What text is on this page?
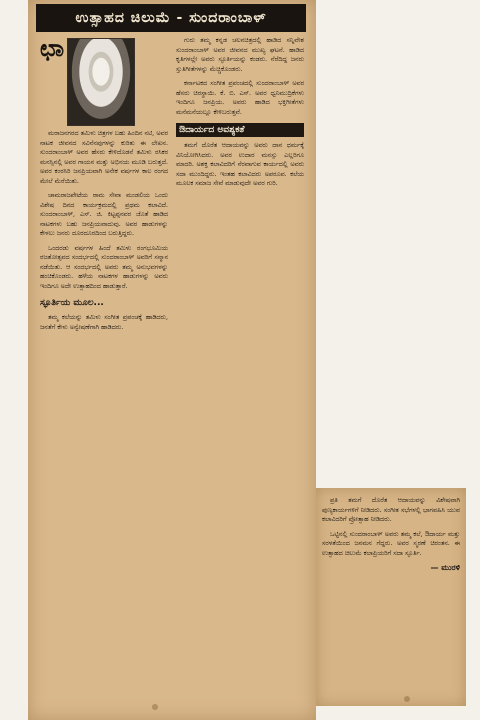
ಉತ್ಸಾಹದ ಚಿಲುಮೆ - ಸುಂದರಾಂಬಾಳ್
ಛಾ

ಮರಾಜನಗರದ ತಮಿಳು ಚಿತ್ರಗಳ ಬಹು ಹಿಂದಿನ ನಟಿ, ಅವರ ನಾಟಕ ಜೀವನದ ಸವಿನೆನಪುಗಳನ್ನು ಕುರಿತು ಈ ಲೇಖನ. ಸುಂದರಾಂಬಾಳ್ ಅವರ ಹೆಸರು ಕೇಳಿದೊಡನೆ ತಮಿಳು ರಸಿಕರ ಮನಸ್ಸಿನಲ್ಲಿ ಅವರ ಗಾಯನ ಮತ್ತು ಅಭಿನಯ ಮೂಡಿ ಬರುತ್ತದೆ. ಅವರ ಕಂಠಸಿರಿ ಜನಪ್ರಿಯವಾಗಿ ಅನೇಕ ವರ್ಷಗಳ ಕಾಲ ರಂಗದ ಮೇಲೆ ಮೆರೆಯಿತು.

ಚಾಮರಾಜಪೇಟೆಯ ರಾಮ ಸೇವಾ ಮಂಡಲಿಯ ಒಂದು ವಿಶೇಷ ದಿನದ ಕಾರ್ಯಕ್ರಮದಲ್ಲಿ ಪ್ರಥಮ ಕಲಾವಿದೆ. ಸುಂದರಾಂಬಾಳ್, ಎಸ್. ಜಿ. ಕಿಟ್ಟಪ್ಪನವರ ಜೊತೆ ಹಾಡಿದ ನಾಟಕಗಳು ಬಹು ಜನಪ್ರಿಯವಾದುವು. ಅವರ ಹಾಡುಗಳನ್ನು ಕೇಳಲು ಜನರು ದೂರದೂರದಿಂದ ಬರುತ್ತಿದ್ದರು.

ಒಂದರಡು ವರ್ಷಗಳ ಹಿಂದೆ ತಮಿಳು ರಂಗಭೂಮಿಯ ರಜತೋತ್ಸವದ ಸಂದರ್ಭದಲ್ಲಿ ಸುಂದರಾಂಬಾಳ್ ಅವರಿಗೆ ಸನ್ಮಾನ ನಡೆಯಿತು. ಆ ಸಂದರ್ಭದಲ್ಲಿ ಅವರು ತಮ್ಮ ಅನುಭವಗಳನ್ನು ಹಂಚಿಕೊಂಡರು. ಹಳೆಯ ನಾಟಕಗಳ ಹಾಡುಗಳನ್ನು ಅವರು ಇಂದಿಗೂ ಅದೇ ಉತ್ಸಾಹದಿಂದ ಹಾಡುತ್ತಾರೆ.

ಸ್ಫೂರ್ತಿಯ ಮೂಲ...

ತಮ್ಮ ಕಲೆಯನ್ನು ತಮಿಳು ಸಂಗೀತ ಪ್ರಪಂಚಕ್ಕೆ ಹಾಡಿದರು, ಜನತೆಗೆ ಕೇಳು ಅನ್ವೇಷಣೆಗಾಗಿ ಹಾಡಿದರು.

ಗುರು ತಮ್ಮ ಕನ್ನಡ ಚಲನಚಿತ್ರದಲ್ಲಿ ಹಾಡಿದ ಸನ್ನಿವೇಶ ಸುಂದರಾಂಬಾಳ್ ಅವರ ಜೀವನದ ಮುಖ್ಯ ಘಟನೆ. ಹಾಡಿದ ಕೃತಿಗಳಲ್ಲೇ ಅವರು ಸ್ಫೂರ್ತಿಯನ್ನು ಕಂಡರು. ನೆರೆದಿದ್ದ ಜನರು ಸ್ತುತಿಗೀತೆಗಳನ್ನು ಮೆಚ್ಚಿಕೊಂಡರು.

ಕರ್ನಾಟಕದ ಸಂಗೀತ ಪ್ರಪಂಚದಲ್ಲಿ ಸುಂದರಾಂಬಾಳ್ ಅವರ ಹೆಸರು ಚಿರಸ್ಥಾಯಿ. ಕೆ. ಬಿ. ಎಸ್. ಅವರ ಧ್ವನಿಮುದ್ರಿಕೆಗಳು ಇಂದಿಗೂ ಜನಪ್ರಿಯ. ಅವರು ಹಾಡಿದ ಭಕ್ತಿಗೀತೆಗಳು ಮನೆಮನೆಯಲ್ಲೂ ಕೇಳಿಬರುತ್ತವೆ.

ಔದಾರ್ಯದ ಅವಶ್ಯಕತೆ

ತಮಗೆ ದೊರೆತ ಆದಾಯವನ್ನು ಅವರು ದಾನ ಧರ್ಮಕ್ಕೆ ವಿನಿಯೋಗಿಸಿದರು. ಅವರ ಉದಾರ ಮನಸ್ಸು ಎಲ್ಲರಿಗೂ ಮಾದರಿ. ಅಶಕ್ತ ಕಲಾವಿದರಿಗೆ ನೆರವಾಗುವ ಕಾರ್ಯದಲ್ಲಿ ಅವರು ಸದಾ ಮುಂದಿದ್ದರು. ಇಂತಹ ಕಲಾವಿದರು ಅಪರೂಪ. ಕಲೆಯ ಮೂಲಕ ಸಮಾಜ ಸೇವೆ ಮಾಡುವುದೇ ಅವರ ಗುರಿ.

ಪ್ರತಿ ತಮಗೆ ದೊರೆತ ಆದಾಯವನ್ನು ವಿಶೇಷವಾಗಿ ಪುಣ್ಯಕಾರ್ಯಗಳಿಗೆ ನೀಡಿದರು. ಸಂಗೀತ ಸಭೆಗಳಲ್ಲಿ ಭಾಗವಹಿಸಿ ಯುವ ಕಲಾವಿದರಿಗೆ ಪ್ರೋತ್ಸಾಹ ನೀಡಿದರು.

ಒಟ್ಟಿನಲ್ಲಿ ಸುಂದರಾಂಬಾಳ್ ಅವರು ತಮ್ಮ ಕಲೆ, ಔದಾರ್ಯ ಮತ್ತು ಸರಳತೆಯಿಂದ ಜನಮನ ಗೆದ್ದರು. ಅವರ ಸ್ಮರಣೆ ಚಿರಂತನ. ಈ ಉತ್ಸಾಹದ ಚಿಲುಮೆ ಕಲಾಪ್ರಿಯರಿಗೆ ಸದಾ ಸ್ಫೂರ್ತಿ.

— ಮುರಳಿ
